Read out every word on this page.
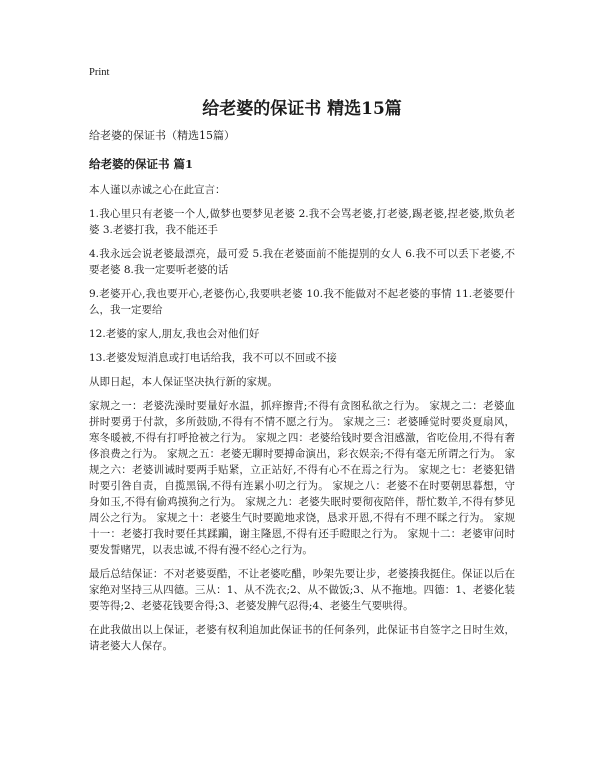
Print
给老婆的保证书 精选15篇
给老婆的保证书（精选15篇）
给老婆的保证书 篇1

本人谨以赤诚之心在此宣言：

1.我心里只有老婆一个人,做梦也要梦见老婆 2.我不会骂老婆,打老婆,踢老婆,捏老婆,欺负老婆 3.老婆打我，我不能还手

4.我永远会说老婆最漂亮，最可爱 5.我在老婆面前不能提别的女人 6.我不可以丢下老婆,不要老婆 8.我一定要听老婆的话

9.老婆开心,我也要开心,老婆伤心,我要哄老婆 10.我不能做对不起老婆的事情 11.老婆要什么，我一定要给

12.老婆的家人,朋友,我也会对他们好

13.老婆发短消息或打电话给我，我不可以不回或不接

从即日起，本人保证坚决执行新的家规。

家规之一：老婆洗澡时要量好水温，抓痒擦背;不得有贪图私欲之行为。 家规之二：老婆血拼时要勇于付款，多所鼓励,不得有不情不愿之行为。 家规之三：老婆睡觉时要炎夏扇风，寒冬暖被,不得有打呼抢被之行为。 家规之四：老婆给钱时要含泪感激，省吃俭用,不得有奢侈浪费之行为。 家规之五：老婆无聊时要搏命演出，彩衣娱亲;不得有毫无所谓之行为。 家规之六：老婆训诫时要两手贴紧，立正站好,不得有心不在焉之行为。 家规之七：老婆犯错时要引咎自责，自揽黑锅,不得有连累小叨之行为。 家规之八：老婆不在时要朝思暮想，守身如玉,不得有偷鸡摸狗之行为。 家规之九：老婆失眠时要彻夜陪伴，帮忙数羊,不得有梦见周公之行为。 家规之十：老婆生气时要跪地求饶，恳求开恩,不得有不理不睬之行为。 家规十一：老婆打我时要任其蹂躏，谢主隆恩,不得有还手瞪眼之行为。 家规十二：老婆审问时要发誓赌咒，以表忠诚,不得有漫不经心之行为。

最后总结保证：不对老婆耍酷，不让老婆吃醋，吵架先要让步，老婆揍我挺住。保证以后在家绝对坚持三从四德。三从：1、从不洗衣;2、从不做饭;3、从不拖地。四德：1、老婆化装要等得;2、老婆花钱要舍得;3、老婆发脾气忍得;4、老婆生气要哄得。

在此我做出以上保证，老婆有权利追加此保证书的任何条列，此保证书自签字之日时生效，请老婆大人保存。
